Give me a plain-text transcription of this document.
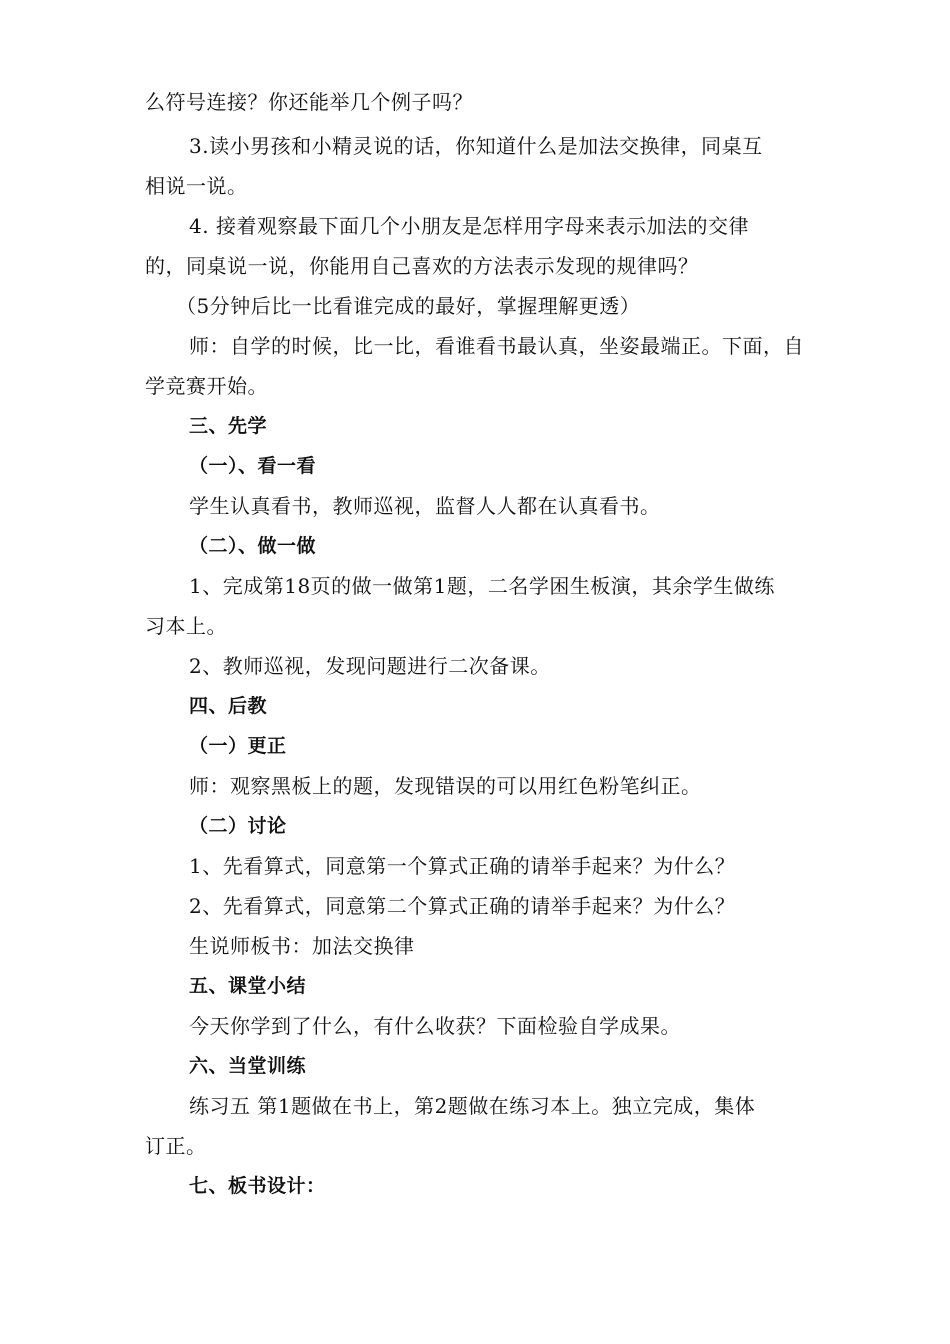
么符号连接？你还能举几个例子吗？
3.读小男孩和小精灵说的话，你知道什么是加法交换律，同桌互
相说一说。
4. 接着观察最下面几个小朋友是怎样用字母来表示加法的交律
的，同桌说一说，你能用自己喜欢的方法表示发现的规律吗？
（5分钟后比一比看谁完成的最好，掌握理解更透）
师：自学的时候，比一比，看谁看书最认真，坐姿最端正。下面，自
学竞赛开始。
三、先学
（一）、看一看
学生认真看书，教师巡视，监督人人都在认真看书。
（二）、做一做
1、完成第18页的做一做第1题，二名学困生板演，其余学生做练
习本上。
2、教师巡视，发现问题进行二次备课。
四、后教
（一）更正
师：观察黑板上的题，发现错误的可以用红色粉笔纠正。
（二）讨论
1、先看算式，同意第一个算式正确的请举手起来？为什么？
2、先看算式，同意第二个算式正确的请举手起来？为什么？
生说师板书：加法交换律
五、课堂小结
今天你学到了什么，有什么收获？下面检验自学成果。
六、当堂训练
练习五 第1题做在书上，第2题做在练习本上。独立完成，集体
订正。
七、板书设计：
